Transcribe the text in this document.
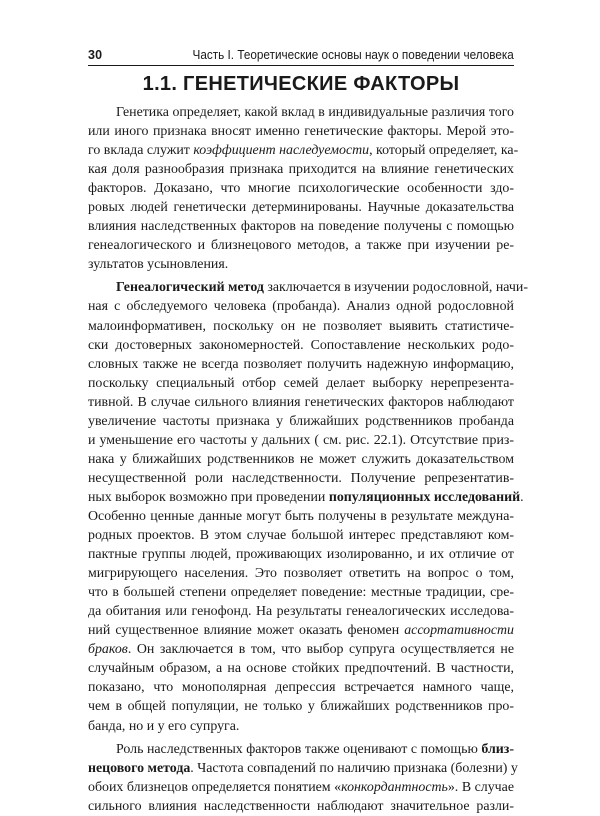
30	Часть I. Теоретические основы наук о поведении человека
1.1. ГЕНЕТИЧЕСКИЕ ФАКТОРЫ

Генетика определяет, какой вклад в индивидуальные различия того
или иного признака вносят именно генетические факторы. Мерой это-
го вклада служит коэффициент наследуемости, который определяет, ка-
кая доля разнообразия признака приходится на влияние генетических
факторов. Доказано, что многие психологические особенности здо-
ровых людей генетически детерминированы. Научные доказательства
влияния наследственных факторов на поведение получены с помощью
генеалогического и близнецового методов, а также при изучении ре-
зультатов усыновления.

Генеалогический метод заключается в изучении родословной, начи-
ная с обследуемого человека (пробанда). Анализ одной родословной
малоинформативен, поскольку он не позволяет выявить статистиче-
ски достоверных закономерностей. Сопоставление нескольких родо-
словных также не всегда позволяет получить надежную информацию,
поскольку специальный отбор семей делает выборку нерепрезента-
тивной. В случае сильного влияния генетических факторов наблюдают
увеличение частоты признака у ближайших родственников пробанда
и уменьшение его частоты у дальних ( см. рис. 22.1). Отсутствие приз-
нака у ближайших родственников не может служить доказательством
несущественной роли наследственности. Получение репрезентатив-
ных выборок возможно при проведении популяционных исследований.
Особенно ценные данные могут быть получены в результате междуна-
родных проектов. В этом случае большой интерес представляют ком-
пактные группы людей, проживающих изолированно, и их отличие от
мигрирующего населения. Это позволяет ответить на вопрос о том,
что в большей степени определяет поведение: местные традиции, сре-
да обитания или генофонд. На результаты генеалогических исследова-
ний существенное влияние может оказать феномен ассортативности
браков. Он заключается в том, что выбор супруга осуществляется не
случайным образом, а на основе стойких предпочтений. В частности,
показано, что монополярная депрессия встречается намного чаще,
чем в общей популяции, не только у ближайших родственников про-
банда, но и у его супруга.

Роль наследственных факторов также оценивают с помощью близ-
нецового метода. Частота совпадений по наличию признака (болезни) у
обоих близнецов определяется понятием «конкордантность». В случае
сильного влияния наследственности наблюдают значительное разли-
